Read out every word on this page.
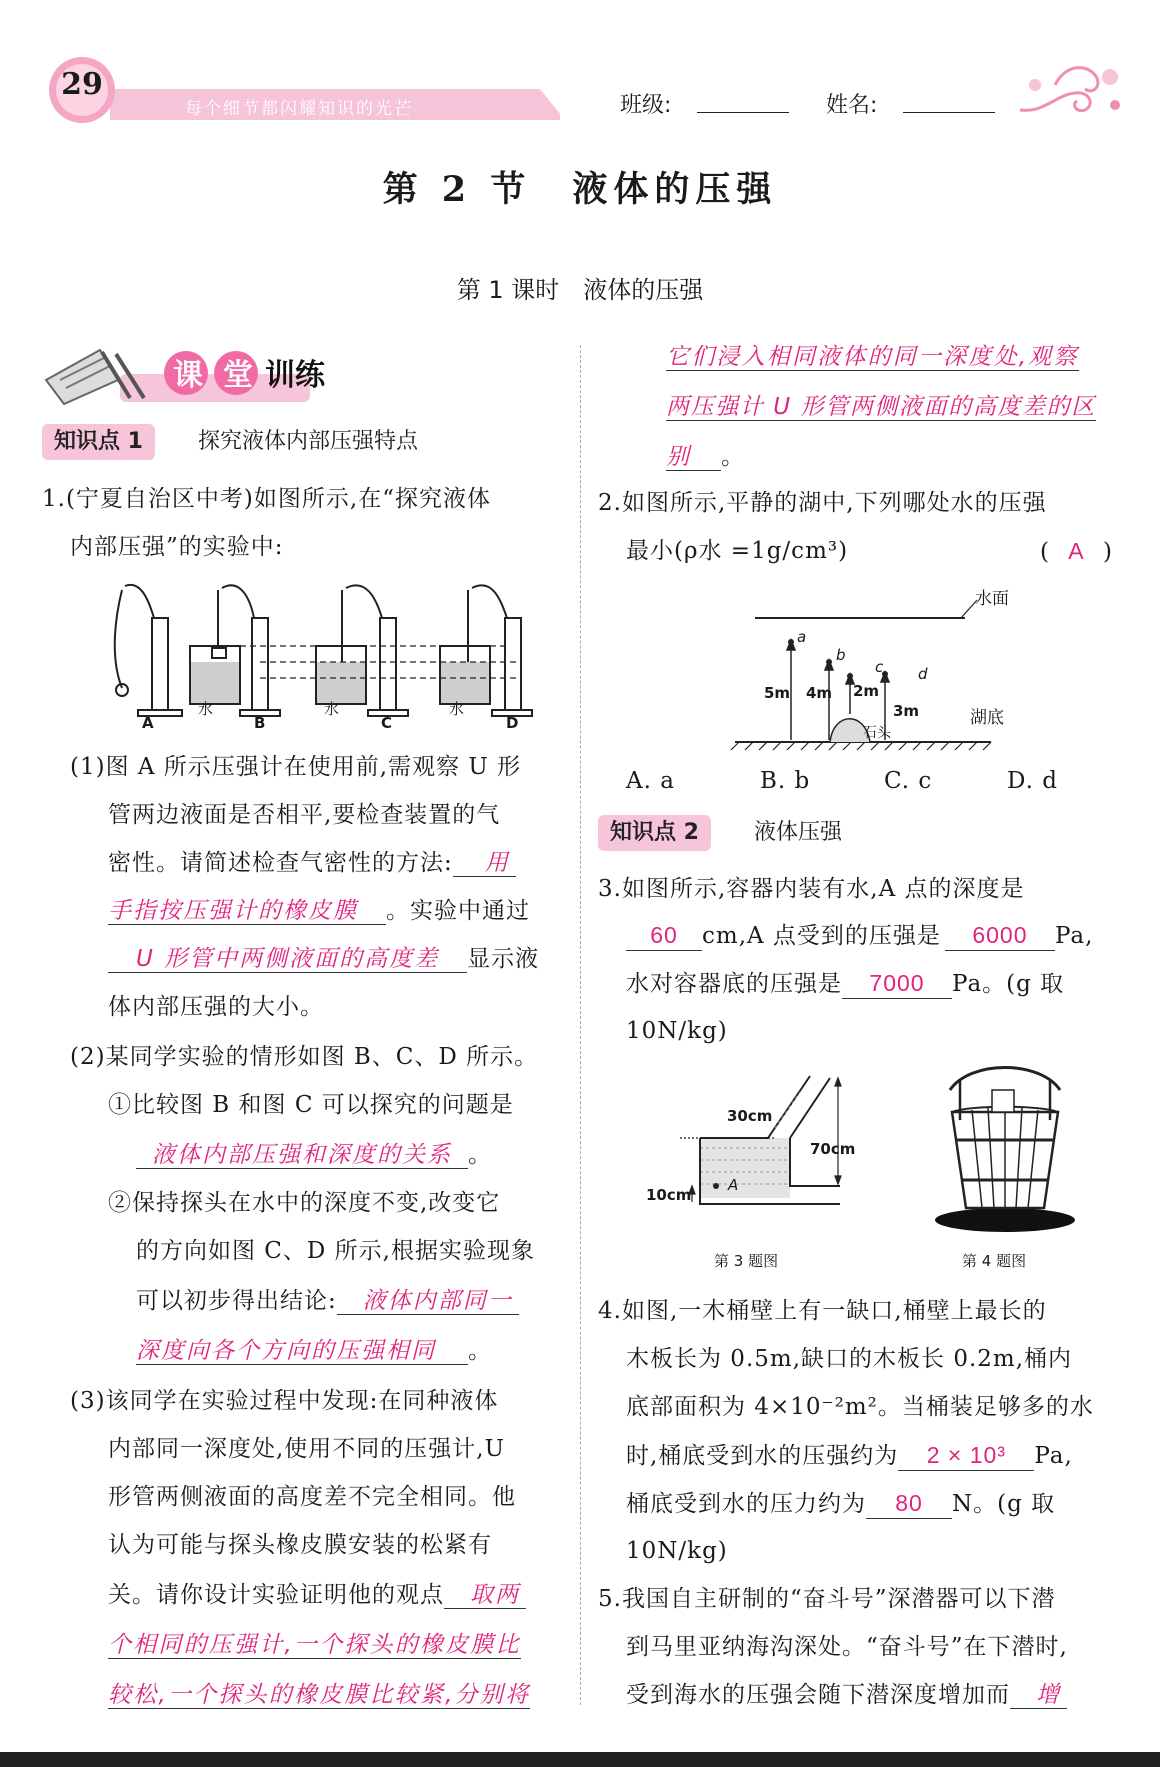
29
每个细节都闪耀知识的光芒	班级:	姓名:
第 2 节　液体的压强
第 1 课时　液体的压强
课 堂 训练
知识点 1	探究液体内部压强特点
1.(宁夏自治区中考)如图所示,在“探究液体
内部压强”的实验中:
A
水
B
水
C
水
D
(1)图 A 所示压强计在使用前,需观察 U 形
管两边液面是否相平,要检查装置的气
密性。请简述检查气密性的方法: 用
手指按压强计的橡皮膜 。实验中通过
U 形管中两侧液面的高度差 显示液
体内部压强的大小。
(2)某同学实验的情形如图 B、C、D 所示。
①比较图 B 和图 C 可以探究的问题是
液体内部压强和深度的关系 。
②保持探头在水中的深度不变,改变它
的方向如图 C、D 所示,根据实验现象
可以初步得出结论: 液体内部同一
深度向各个方向的压强相同 。
(3)该同学在实验过程中发现:在同种液体
内部同一深度处,使用不同的压强计,U
形管两侧液面的高度差不完全相同。他
认为可能与探头橡皮膜安装的松紧有
关。请你设计实验证明他的观点 取两
个相同的压强计,一个探头的橡皮膜比
较松,一个探头的橡皮膜比较紧,分别将
它们浸入相同液体的同一深度处,观察
两压强计 U 形管两侧液面的高度差的区
别 。
2.如图所示,平静的湖中,下列哪处水的压强
最小(ρ水 =1g/cm³)	( A )
水面
湖底
石头
a
b
c d
5m 4m 2m
3m
A. a	B. b	C. c	D. d
知识点 2	液体压强
3.如图所示,容器内装有水,A 点的深度是
60 cm,A 点受到的压强是 6000 Pa,
水对容器底的压强是 7000 Pa。(g 取
10N/kg)
30cm
70cm
10cm
A
第 3 题图	第 4 题图
4.如图,一木桶壁上有一缺口,桶壁上最长的
木板长为 0.5m,缺口的木板长 0.2m,桶内
底部面积为 4×10⁻²m²。当桶装足够多的水
时,桶底受到水的压强约为 2 × 10³ Pa,
桶底受到水的压力约为 80 N。(g 取
10N/kg)
5.我国自主研制的“奋斗号”深潜器可以下潜
到马里亚纳海沟深处。“奋斗号”在下潜时,
受到海水的压强会随下潜深度增加而 增
